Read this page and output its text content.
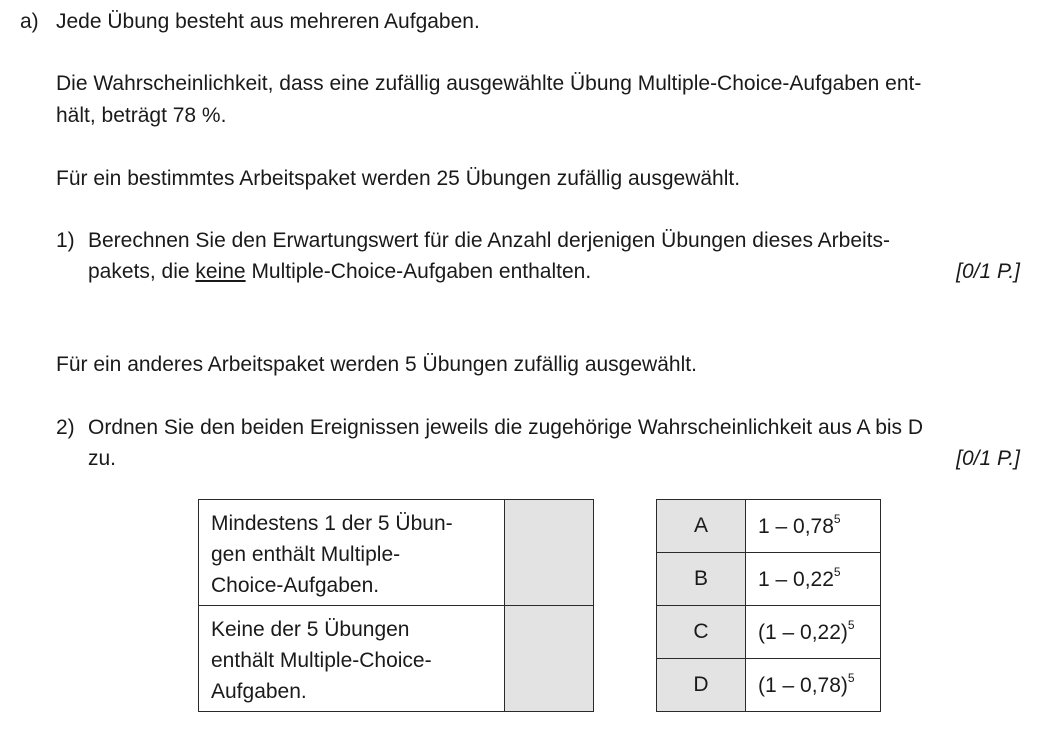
a) Jede Übung besteht aus mehreren Aufgaben.
Die Wahrscheinlichkeit, dass eine zufällig ausgewählte Übung Multiple-Choice-Aufgaben ent-
hält, beträgt 78 %.
Für ein bestimmtes Arbeitspaket werden 25 Übungen zufällig ausgewählt.
1) Berechnen Sie den Erwartungswert für die Anzahl derjenigen Übungen dieses Arbeits-
pakets, die keine Multiple-Choice-Aufgaben enthalten.	[0/1 P.]
Für ein anderes Arbeitspaket werden 5 Übungen zufällig ausgewählt.
2) Ordnen Sie den beiden Ereignissen jeweils die zugehörige Wahrscheinlichkeit aus A bis D
zu.	[0/1 P.]
Mindestens 1 der 5 Übun-
gen enthält Multiple-
Choice-Aufgaben.	

Keine der 5 Übungen
enthält Multiple-Choice-
Aufgaben.	

A	1 – 0,78$^5$
B	1 – 0,22$^5$
C	(1 – 0,22)$^5$
D	(1 – 0,78)$^5$
